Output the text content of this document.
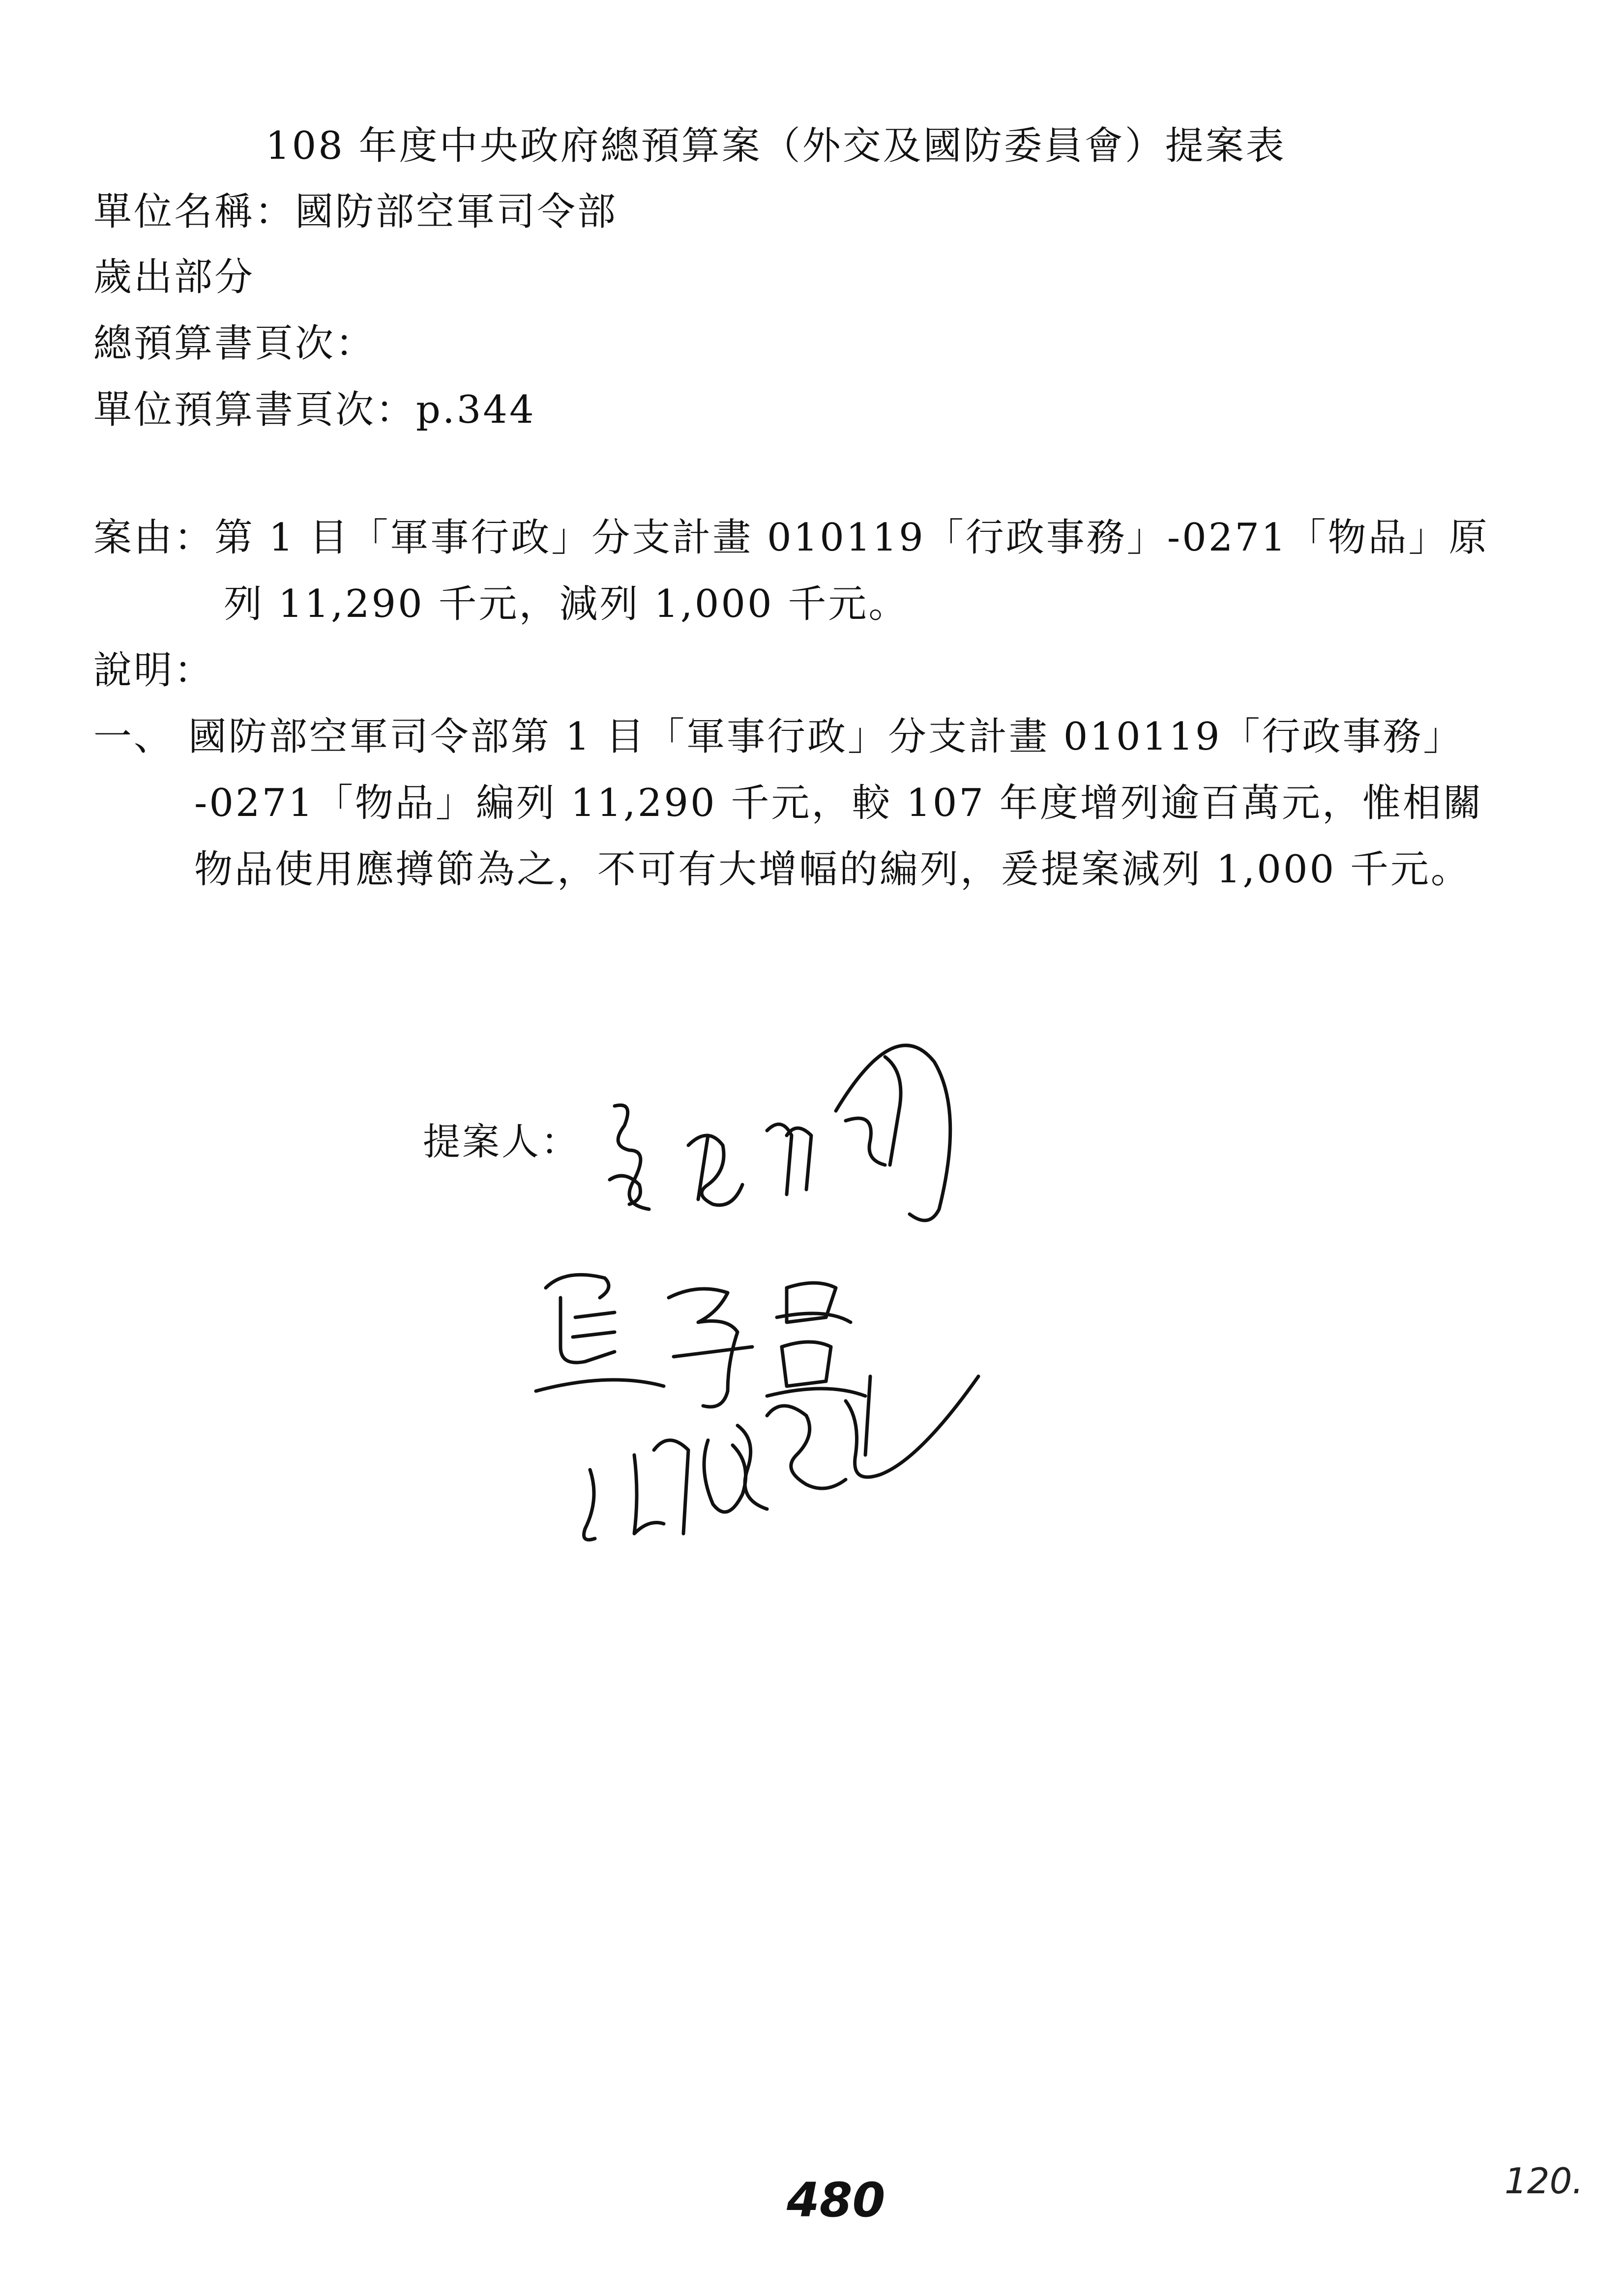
108 年度中央政府總預算案（外交及國防委員會）提案表
單位名稱：國防部空軍司令部
歲出部分
總預算書頁次：
單位預算書頁次：p.344
案由：第 1 目「軍事行政」分支計畫 010119「行政事務」-0271「物品」原
列 11,290 千元，減列 1,000 千元。
說明：
一、 國防部空軍司令部第 1 目「軍事行政」分支計畫 010119「行政事務」
-0271「物品」編列 11,290 千元，較 107 年度增列逾百萬元，惟相關
物品使用應撙節為之，不可有大增幅的編列，爰提案減列 1,000 千元。
提案人：
480	120.
